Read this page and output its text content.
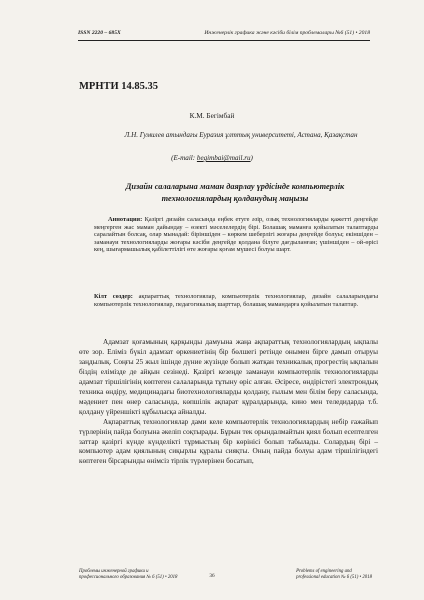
ISSN 2220 – 685X	Инженерлік графика және кәсіби білім проблемалары №6 (51) • 2018
МРНТИ 14.85.35
К.М. Бегімбай
Л.Н. Гумилев атындағы Еуразия ұлттық университеті, Астана, Қазақстан
(E-mail: begimbai@mail.ru)
Дизайн салаларына маман даярлау үрдісінде компьютерлік технологиялардың қолданудың маңызы

Аннотация: Қазіргі дизайн саласында еңбек етуге әзір, озық технологияларды қажетті деңгейде меңгерген жас маман дайындау – өзекті мәселелердің бірі. Болашақ маманға қойылатын талаптарды саралайтын болсақ, олар мынадай: біріншіден – көркем шеберлігі жоғары деңгейде болуы; екіншіден – заманауи технологияларды жоғары кәсіби деңгейде қолдана білуге дағдыланған; үшіншіден – ой-өрісі кең, шығармашылық қабілеттілігі өте жоғары қоғам мүшесі болуы шарт.

Кілт сөздер: ақпараттық технологиялар, компьютерлік технологиялар, дизайн салаларындағы компьютерлік технологиялар, педагогикалық шарттар, болашақ мамандарға қойылатын талаптар.

Адамзат қоғамының қарқынды дамуына жаңа ақпараттық технологиялардың ықпалы өте зор. Еліміз бүкіл адамзат өркениетінің бір бөлшегі ретінде онымен бірге дамып отыруы заңдылық. Соңғы 25 жыл ішінде дүние жүзінде болып жатқан техникалық прогрестің ықпалын біздің елімізде де айқын сезінеді. Қазіргі кезеңде заманауи компьютерлік технологияларды адамзат тіршілігінің көптеген салаларында тұтыну өріс алған. Әсіресе, өндірістегі электрондық техника өндіру, медицинадағы биотехнологияларды қолдану, ғылым мен білім беру саласында, мәдениет пен өнер саласында, көпшілік ақпарат құралдарында, кино мен теледидарда т.б. қолдану үйреншікті құбылысқа айналды.

Ақпараттық технологиялар дами келе компьютерлік технологиялардың небір ғажайып түрлерінің пайда болуына әкеліп соқтырады. Бұрын тек орындалмайтын қиял болып есептелген заттар қазіргі күнде күнделікті тұрмыстың бір көрінісі болып табылады. Солардың бірі – компьютер адам қиялының сиқырлы құралы сияқты. Оның пайда болуы адам тіршілігіндегі көптеген бірсарынды өнімсіз тірлік түрлерінен босатып,

Проблемы инженерной графики и
профессионального образования № 6 (51) • 2018	36
Problems of engineering and
professional education № 6 (51) • 2018
